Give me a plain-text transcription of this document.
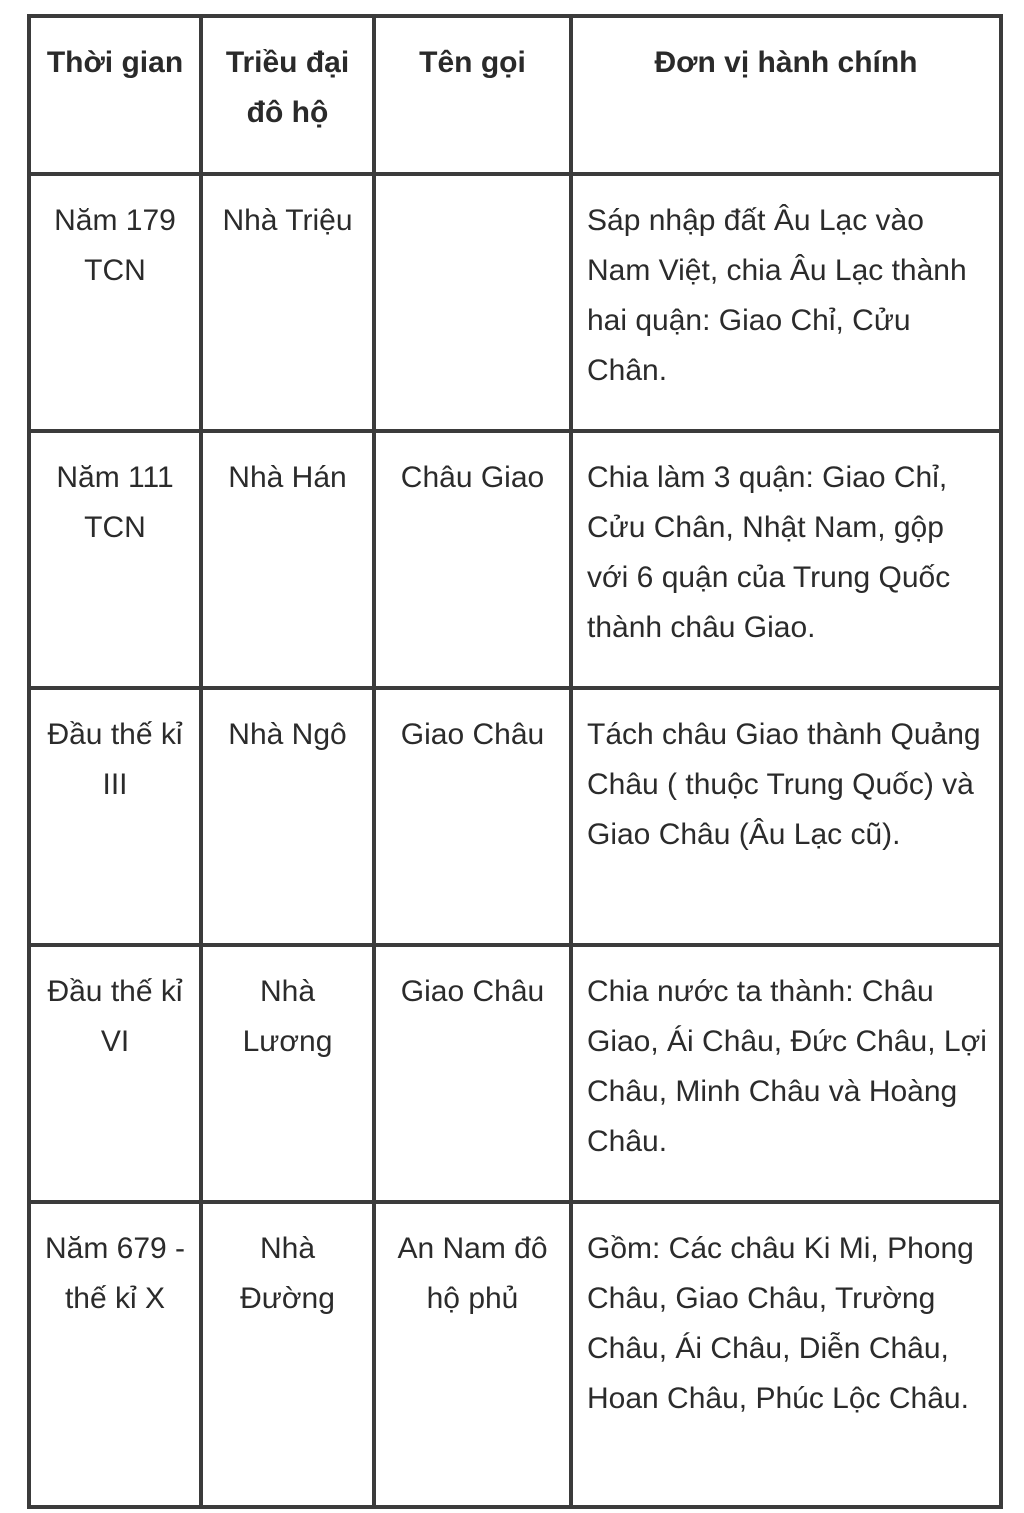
Thời gian	Triều đại đô hộ	Tên gọi	Đơn vị hành chính
Năm 179 TCN	Nhà Triệu		Sáp nhập đất Âu Lạc vào Nam Việt, chia Âu Lạc thành hai quận: Giao Chỉ, Cửu Chân.
Năm 111 TCN	Nhà Hán	Châu Giao	Chia làm 3 quận: Giao Chỉ, Cửu Chân, Nhật Nam, gộp với 6 quận của Trung Quốc thành châu Giao.
Đầu thế kỉ III	Nhà Ngô	Giao Châu	Tách châu Giao thành Quảng Châu ( thuộc Trung Quốc) và Giao Châu (Âu Lạc cũ).
Đầu thế kỉ VI	Nhà Lương	Giao Châu	Chia nước ta thành: Châu Giao, Ái Châu, Đức Châu, Lợi Châu, Minh Châu và Hoàng Châu.
Năm 679 - thế kỉ X	Nhà Đường	An Nam đô hộ phủ	Gồm: Các châu Ki Mi, Phong Châu, Giao Châu, Trường Châu, Ái Châu, Diễn Châu, Hoan Châu, Phúc Lộc Châu.
